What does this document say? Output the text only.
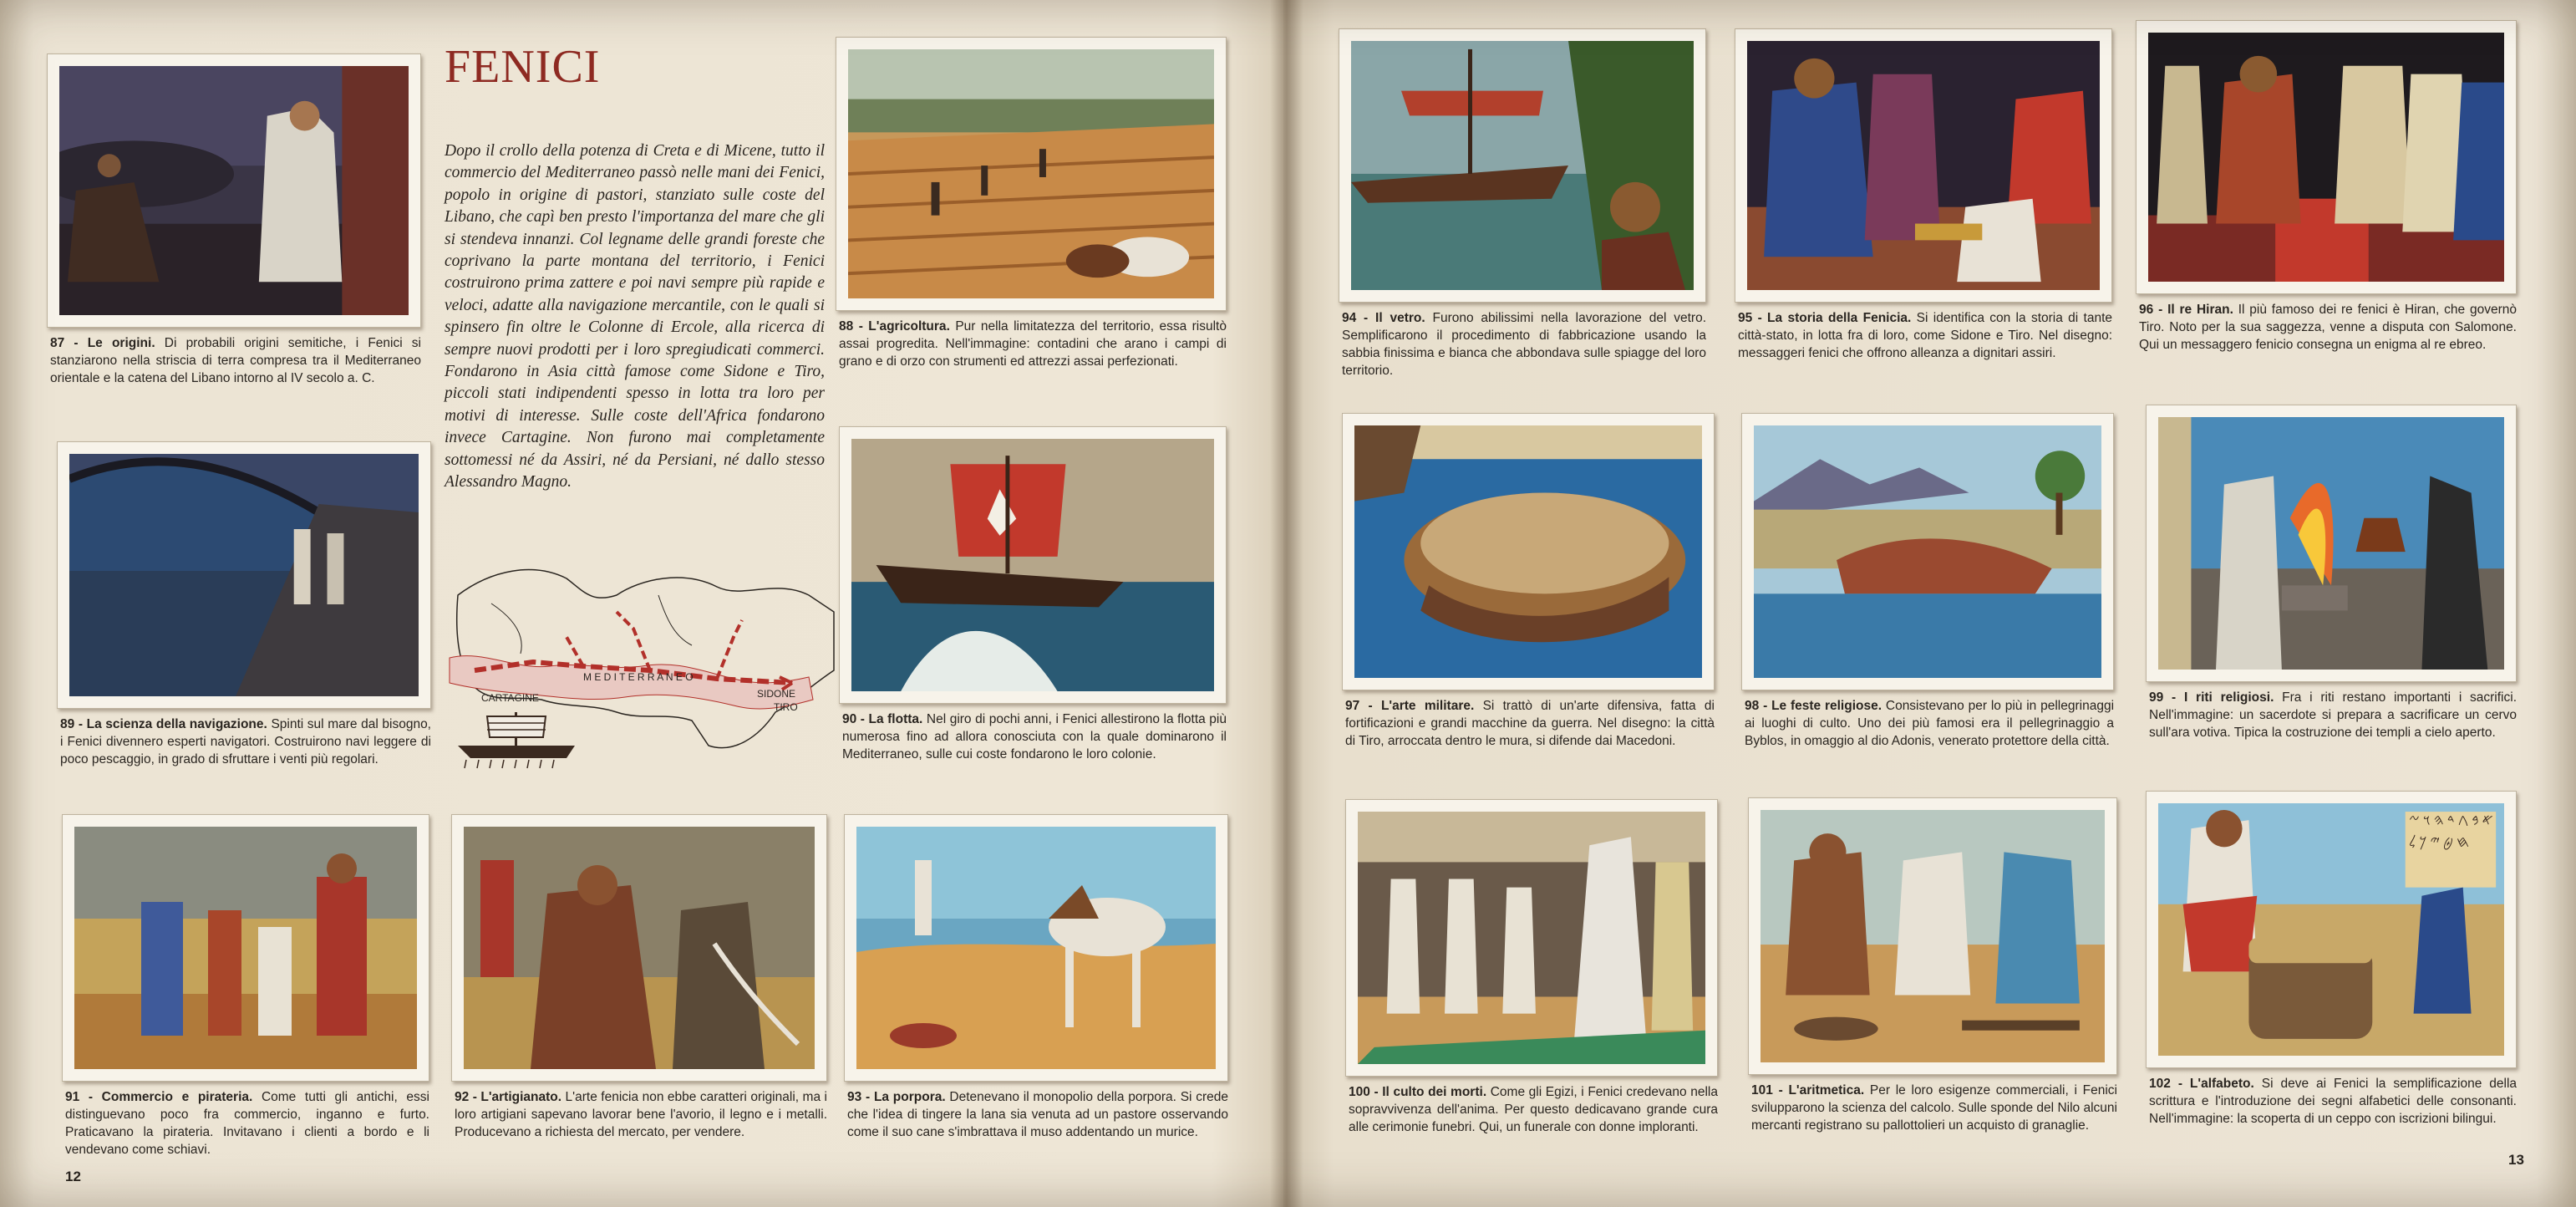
FENICI
Dopo il crollo della potenza di Creta e di Micene, tutto il commercio del Mediterraneo passò nelle mani dei Fenici, popolo in origine di pastori, stanziato sulle coste del Libano, che capì ben presto l'importanza del mare che gli si stendeva innanzi. Col legname delle grandi foreste che coprivano la parte montana del territorio, i Fenici costruirono prima zattere e poi navi sempre più rapide e veloci, adatte alla navigazione mercantile, con le quali si spinsero fin oltre le Colonne di Ercole, alla ricerca di sempre nuovi prodotti per i loro spregiudicati commerci. Fondarono in Asia città famose come Sidone e Tiro, piccoli stati indipendenti spesso in lotta tra loro per motivi di interesse. Sulle coste dell'Africa fondarono invece Cartagine. Non furono mai completamente sottomessi né da Assiri, né da Persiani, né dallo stesso Alessandro Magno.
CARTAGINE
M E D I T E R R A N E O
SIDONE
TIRO
87 - Le origini. Di probabili origini semitiche, i Fenici si stanziarono nella striscia di terra compresa tra il Mediterraneo orientale e la catena del Libano intorno al IV secolo a. C.
88 - L'agricoltura. Pur nella limitatezza del territorio, essa risultò assai progredita. Nell'immagine: contadini che arano i campi di grano e di orzo con strumenti ed attrezzi assai perfezionati.
89 - La scienza della navigazione. Spinti sul mare dal bisogno, i Fenici divennero esperti navigatori. Costruirono navi leggere di poco pescaggio, in grado di sfruttare i venti più regolari.
90 - La flotta. Nel giro di pochi anni, i Fenici allestirono la flotta più numerosa fino ad allora conosciuta con la quale dominarono il Mediterraneo, sulle cui coste fondarono le loro colonie.
91 - Commercio e pirateria. Come tutti gli antichi, essi distinguevano poco fra commercio, inganno e furto. Praticavano la pirateria. Invitavano i clienti a bordo e li vendevano come schiavi.
92 - L'artigianato. L'arte fenicia non ebbe caratteri originali, ma i loro artigiani sapevano lavorar bene l'avorio, il legno e i metalli. Producevano a richiesta del mercato, per vendere.
93 - La porpora. Detenevano il monopolio della porpora. Si crede che l'idea di tingere la lana sia venuta ad un pastore osservando come il suo cane s'imbrattava il muso addentando un murice.
12
94 - Il vetro. Furono abilissimi nella lavorazione del vetro. Semplificarono il procedimento di fabbricazione usando la sabbia finissima e bianca che abbondava sulle spiagge del loro territorio.
95 - La storia della Fenicia. Si identifica con la storia di tante città-stato, in lotta fra di loro, come Sidone e Tiro. Nel disegno: messaggeri fenici che offrono alleanza a dignitari assiri.
96 - Il re Hiran. Il più famoso dei re fenici è Hiran, che governò Tiro. Noto per la sua saggezza, venne a disputa con Salomone. Qui un messaggero fenicio consegna un enigma al re ebreo.
97 - L'arte militare. Si trattò di un'arte difensiva, fatta di fortificazioni e grandi macchine da guerra. Nel disegno: la città di Tiro, arroccata dentro le mura, si difende dai Macedoni.
98 - Le feste religiose. Consistevano per lo più in pellegrinaggi ai luoghi di culto. Uno dei più famosi era il pellegrinaggio a Byblos, in omaggio al dio Adonis, venerato protettore della città.
99 - I riti religiosi. Fra i riti restano importanti i sacrifici. Nell'immagine: un sacerdote si prepara a sacrificare un cervo sull'ara votiva. Tipica la costruzione dei templi a cielo aperto.
100 - Il culto dei morti. Come gli Egizi, i Fenici credevano nella sopravvivenza dell'anima. Per questo dedicavano grande cura alle cerimonie funebri. Qui, un funerale con donne imploranti.
101 - L'aritmetica. Per le loro esigenze commerciali, i Fenici svilupparono la scienza del calcolo. Sulle sponde del Nilo alcuni mercanti registrano su pallottolieri un acquisto di granaglie.
𐤀𐤁𐤂𐤃𐤄𐤅𐤆𐤇𐤈𐤉𐤊𐤋
102 - L'alfabeto. Si deve ai Fenici la semplificazione della scrittura e l'introduzione dei segni alfabetici delle consonanti. Nell'immagine: la scoperta di un ceppo con iscrizioni bilingui.
13
